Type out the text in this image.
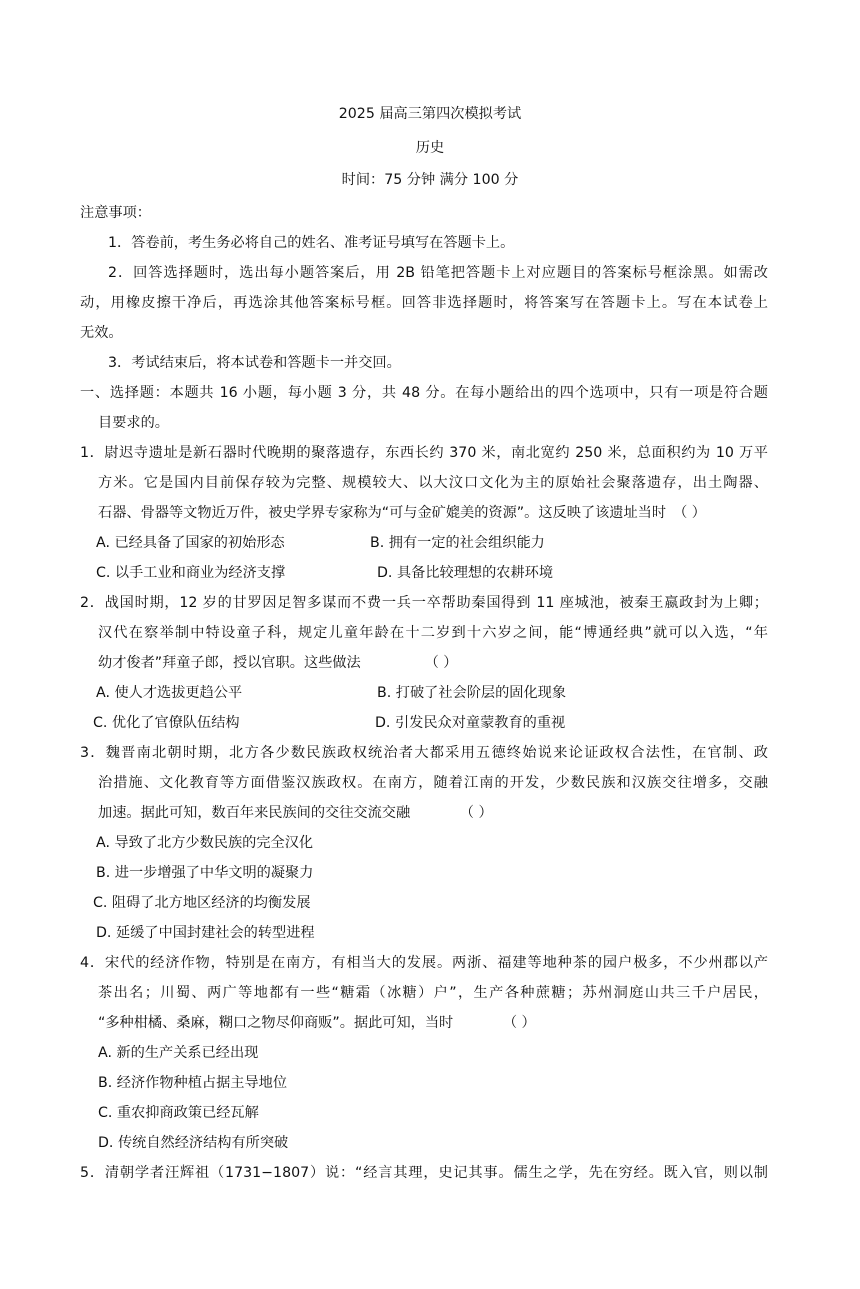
2025 届高三第四次模拟考试
历史
时间：75 分钟 满分 100 分
注意事项：
1．答卷前，考生务必将自己的姓名、准考证号填写在答题卡上。
2．回答选择题时，选出每小题答案后，用 2B 铅笔把答题卡上对应题目的答案标号框涂黑。如需改
动，用橡皮擦干净后，再选涂其他答案标号框。回答非选择题时，将答案写在答题卡上。写在本试卷上
无效。
3．考试结束后，将本试卷和答题卡一并交回。
一、选择题：本题共 16 小题，每小题 3 分，共 48 分。在每小题给出的四个选项中，只有一项是符合题
目要求的。
1．尉迟寺遗址是新石器时代晚期的聚落遗存，东西长约 370 米，南北宽约 250 米，总面积约为 10 万平
方米。它是国内目前保存较为完整、规模较大、以大汶口文化为主的原始社会聚落遗存，出土陶器、
石器、骨器等文物近万件，被史学界专家称为“可与金矿媲美的资源”。这反映了该遗址当时　（ ）
A. 已经具备了国家的初始形态	B. 拥有一定的社会组织能力
C. 以手工业和商业为经济支撑	D. 具备比较理想的农耕环境
2．战国时期，12 岁的甘罗因足智多谋而不费一兵一卒帮助秦国得到 11 座城池，被秦王嬴政封为上卿；
汉代在察举制中特设童子科，规定儿童年龄在十二岁到十六岁之间，能“博通经典”就可以入选，“年
幼才俊者”拜童子郎，授以官职。这些做法　　　　　（ ）
A. 使人才选拔更趋公平	B. 打破了社会阶层的固化现象
C. 优化了官僚队伍结构	D. 引发民众对童蒙教育的重视
3．魏晋南北朝时期，北方各少数民族政权统治者大都采用五德终始说来论证政权合法性，在官制、政
治措施、文化教育等方面借鉴汉族政权。在南方，随着江南的开发，少数民族和汉族交往增多，交融
加速。据此可知，数百年来民族间的交往交流交融　　　　（ ）
A. 导致了北方少数民族的完全汉化
B. 进一步增强了中华文明的凝聚力
C. 阻碍了北方地区经济的均衡发展
D. 延缓了中国封建社会的转型进程
4．宋代的经济作物，特别是在南方，有相当大的发展。两浙、福建等地种茶的园户极多，不少州郡以产
茶出名；川蜀、两广等地都有一些“糖霜（冰糖）户”，生产各种蔗糖；苏州洞庭山共三千户居民，
“多种柑橘、桑麻，糊口之物尽仰商贩”。据此可知，当时　　　　（ ）
A. 新的生产关系已经出现
B. 经济作物种植占据主导地位
C. 重农抑商政策已经瓦解
D. 传统自然经济结构有所突破
5．清朝学者汪辉祖（1731−1807）说：“经言其理，史记其事。儒生之学，先在穷经。既入官，则以制
